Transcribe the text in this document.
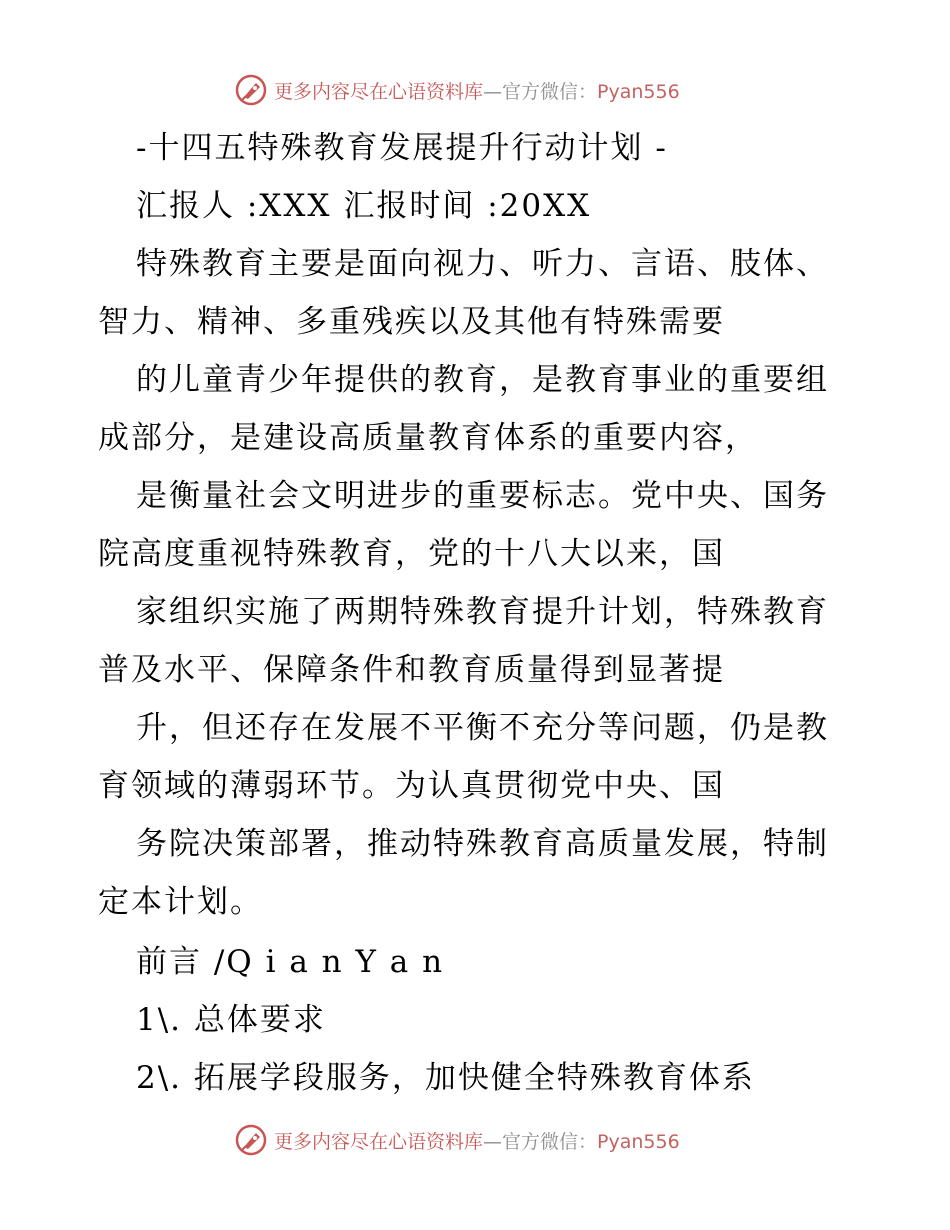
更多内容尽在心语资料库—官方微信：Pyan556
-十四五特殊教育发展提升行动计划 -
汇报人 :XXX 汇报时间 :20XX
特殊教育主要是面向视力、听力、言语、肢体、
智力、精神、多重残疾以及其他有特殊需要
的儿童青少年提供的教育，是教育事业的重要组
成部分，是建设高质量教育体系的重要内容，
是衡量社会文明进步的重要标志。党中央、国务
院高度重视特殊教育，党的十八大以来，国
家组织实施了两期特殊教育提升计划，特殊教育
普及水平、保障条件和教育质量得到显著提
升，但还存在发展不平衡不充分等问题，仍是教
育领域的薄弱环节。为认真贯彻党中央、国
务院决策部署，推动特殊教育高质量发展，特制
定本计划。
前言 /Q i a n Y a n
1\. 总体要求
2\. 拓展学段服务，加快健全特殊教育体系
更多内容尽在心语资料库—官方微信：Pyan556
